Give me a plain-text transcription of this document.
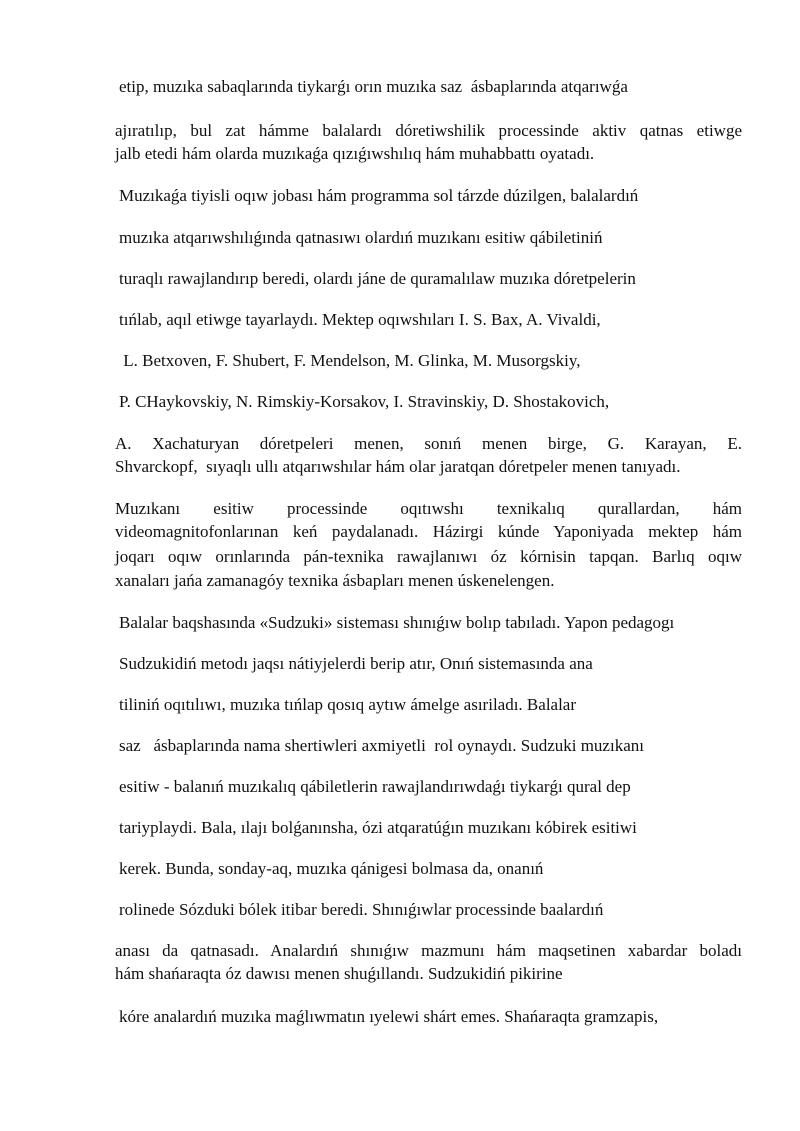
etip, muzıka sabaqlarında tiykarǵı orın muzıka saz  ásbaplarında atqarıwǵa
ajıratılıp, bul zat hámme balalardı dóretiwshilik processinde aktiv qatnas etiwge
jalb etedi hám olarda muzıkaǵa qızıǵıwshılıq hám muhabbattı oyatadı.
Muzıkaǵa tiyisli oqıw jobası hám programma sol tárzde dúzilgen, balalardıń
muzıka atqarıwshılıǵında qatnasıwı olardıń muzıkanı esitiw qábiletiniń
turaqlı rawajlandırıp beredi, olardı jáne de quramalılaw muzıka dóretpelerin
tıńlab, aqıl etiwge tayarlaydı. Mektep oqıwshıları I. S. Bax, A. Vivaldi,
L. Betxoven, F. Shubert, F. Mendelson, M. Glinka, M. Musorgskiy,
P. CHaykovskiy, N. Rimskiy-Korsakov, I. Stravinskiy, D. Shostakovich,
A. Xachaturyan dóretpeleri menen, sonıń menen birge, G. Karayan, E.
Shvarckopf,  sıyaqlı ullı atqarıwshılar hám olar jaratqan dóretpeler menen tanıyadı.
Muzıkanı esitiw processinde oqıtıwshı texnikalıq qurallardan, hám
videomagnitofonlarınan keń paydalanadı. Házirgi kúnde Yaponiyada mektep hám
joqarı oqıw orınlarında pán-texnika rawajlanıwı óz kórnisin tapqan. Barlıq oqıw
xanaları jańa zamanagóy texnika ásbapları menen úskenelengen.
Balalar baqshasında «Sudzuki» sisteması shınıǵıw bolıp tabıladı. Yapon pedagogı
Sudzukidiń metodı jaqsı nátiyjelerdi berip atır, Onıń sistemasında ana
tiliniń oqıtılıwı, muzıka tıńlap qosıq aytıw ámelge asıriladı. Balalar
saz   ásbaplarında nama shertiwleri axmiyetli  rol oynaydı. Sudzuki muzıkanı
esitiw - balanıń muzıkalıq qábiletlerin rawajlandırıwdaǵı tiykarǵı qural dep
tariyplaydi. Bala, ılajı bolǵanınsha, ózi atqaratúǵın muzıkanı kóbirek esitiwi
kerek. Bunda, sonday-aq, muzıka qánigesi bolmasa da, onanıń
rolinede Sózduki bólek itibar beredi. Shınıǵıwlar processinde baalardıń
anası da qatnasadı. Analardıń shınıǵıw mazmunı hám maqsetinen xabardar boladı
hám shańaraqta óz dawısı menen shuǵıllandı. Sudzukidiń pikirine
kóre analardıń muzıka maǵlıwmatın ıyelewi shárt emes. Shańaraqta gramzapis,
